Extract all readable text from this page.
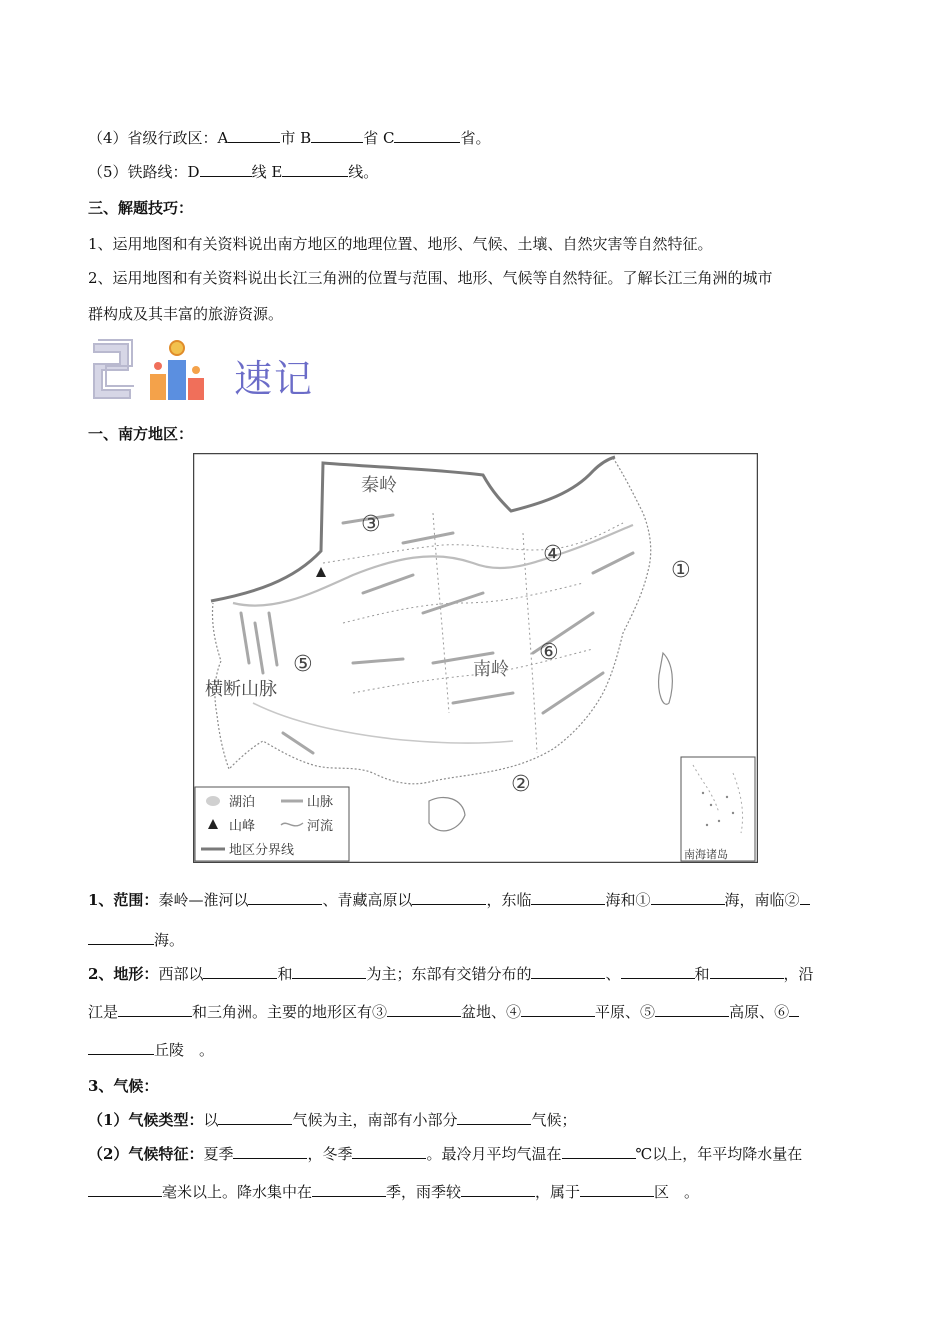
（4）省级行政区：A	市 B	省 C	省。
（5）铁路线：D	线 E	线。
三、解题技巧：
1、运用地图和有关资料说出南方地区的地理位置、地形、气候、土壤、自然灾害等自然特征。
2、运用地图和有关资料说出长江三角洲的位置与范围、地形、气候等自然特征。了解长江三角洲的城市
群构成及其丰富的旅游资源。
速记
一、南方地区：
秦岭
南岭
横断山脉
①
②
③
④
⑤	⑥
湖泊	山脉
山峰	河流
地区分界线	南海诸岛
1、范围：秦岭—淮河以	、青藏高原以	，东临	海和①	海，南临②
海。
2、地形：西部以	和	为主；东部有交错分布的	、	和	，沿
江是	和三角洲。主要的地形区有③	盆地、④	平原、⑤	高原、⑥
丘陵　。
3、气候：
（1）气候类型：以	气候为主，南部有小部分	气候；
（2）气候特征：夏季	，冬季	。最冷月平均气温在	℃以上，年平均降水量在
毫米以上。降水集中在	季，雨季较	，属于	区　。
